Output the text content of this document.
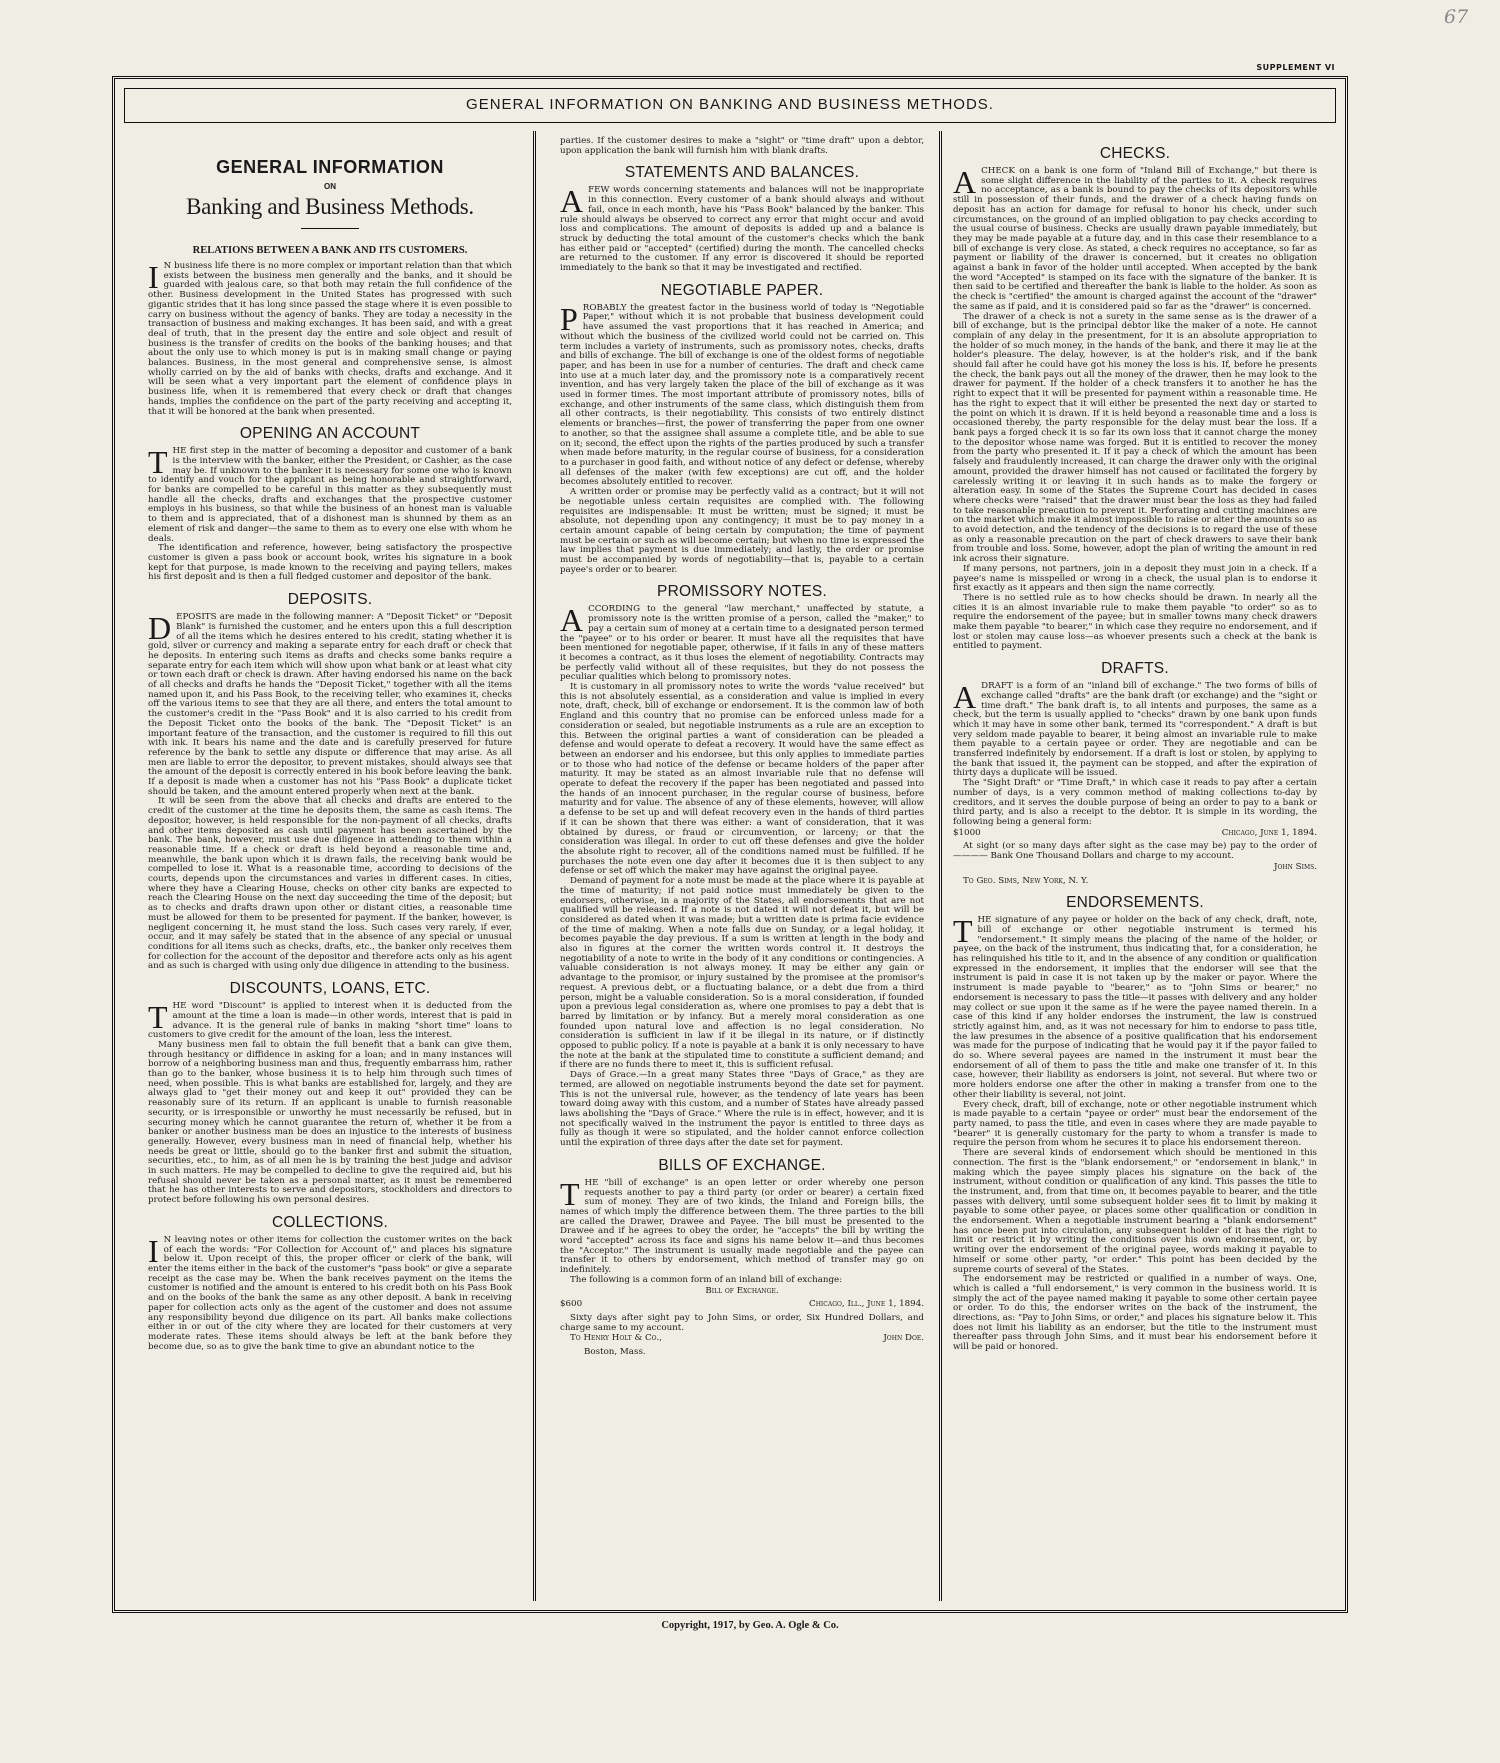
67
SUPPLEMENT VI
GENERAL INFORMATION ON BANKING AND BUSINESS METHODS.
GENERAL INFORMATION
ON
Banking and Business Methods.
RELATIONS BETWEEN A BANK AND ITS CUSTOMERS.

I N business life there is no more complex or important relation than that which exists between the business men generally and the banks, and it should be guarded with jealous care, so that both may retain the full confidence of the other. Business development in the United States has progressed with such gigantic strides that it has long since passed the stage where it is even possible to carry on business without the agency of banks. They are today a necessity in the transaction of business and making exchanges. It has been said, and with a great deal of truth, that in the present day the entire and sole object and result of business is the transfer of credits on the books of the banking houses; and that about the only use to which money is put is in making small change or paying balances. Business, in the most general and comprehensive sense, is almost wholly carried on by the aid of banks with checks, drafts and exchange. And it will be seen what a very important part the element of confidence plays in business life, when it is remembered that every check or draft that changes hands, implies the confidence on the part of the party receiving and accepting it, that it will be honored at the bank when presented.

OPENING AN ACCOUNT

THE first step in the matter of becoming a depositor and customer of a bank is the interview with the banker, either the President, or Cashier, as the case may be. If unknown to the banker it is necessary for some one who is known to identify and vouch for the applicant as being honorable and straightforward, for banks are compelled to be careful in this matter as they subsequently must handle all the checks, drafts and exchanges that the prospective customer employs in his business, so that while the business of an honest man is valuable to them and is appreciated, that of a dishonest man is shunned by them as an element of risk and danger—the same to them as to every one else with whom he deals.

The identification and reference, however, being satisfactory the prospective customer is given a pass book or account book, writes his signature in a book kept for that purpose, is made known to the receiving and paying tellers, makes his first deposit and is then a full fledged customer and depositor of the bank.

DEPOSITS.

DEPOSITS are made in the following manner: A "Deposit Ticket" or "Deposit Blank" is furnished the customer, and he enters upon this a full description of all the items which he desires entered to his credit, stating whether it is gold, silver or currency and making a separate entry for each draft or check that he deposits. In entering such items as drafts and checks some banks require a separate entry for each item which will show upon what bank or at least what city or town each draft or check is drawn. After having endorsed his name on the back of all checks and drafts he hands the "Deposit Ticket," together with all the items named upon it, and his Pass Book, to the receiving teller, who examines it, checks off the various items to see that they are all there, and enters the total amount to the customer's credit in the "Pass Book" and it is also carried to his credit from the Deposit Ticket onto the books of the bank. The "Deposit Ticket" is an important feature of the transaction, and the customer is required to fill this out with ink. It bears his name and the date and is carefully preserved for future reference by the bank to settle any dispute or difference that may arise. As all men are liable to error the depositor, to prevent mistakes, should always see that the amount of the deposit is correctly entered in his book before leaving the bank. If a deposit is made when a customer has not his "Pass Book" a duplicate ticket should be taken, and the amount entered properly when next at the bank.

It will be seen from the above that all checks and drafts are entered to the credit of the customer at the time he deposits them, the same as cash items. The depositor, however, is held responsible for the non-payment of all checks, drafts and other items deposited as cash until payment has been ascertained by the bank. The bank, however, must use due diligence in attending to them within a reasonable time. If a check or draft is held beyond a reasonable time and, meanwhile, the bank upon which it is drawn fails, the receiving bank would be compelled to lose it. What is a reasonable time, according to decisions of the courts, depends upon the circumstances and varies in different cases. In cities, where they have a Clearing House, checks on other city banks are expected to reach the Clearing House on the next day succeeding the time of the deposit; but as to checks and drafts drawn upon other or distant cities, a reasonable time must be allowed for them to be presented for payment. If the banker, however, is negligent concerning it, he must stand the loss. Such cases very rarely, if ever, occur, and it may safely be stated that in the absence of any special or unusual conditions for all items such as checks, drafts, etc., the banker only receives them for collection for the account of the depositor and therefore acts only as his agent and as such is charged with using only due diligence in attending to the business.

DISCOUNTS, LOANS, ETC.

THE word "Discount" is applied to interest when it is deducted from the amount at the time a loan is made—in other words, interest that is paid in advance. It is the general rule of banks in making "short time" loans to customers to give credit for the amount of the loan, less the interest.

Many business men fail to obtain the full benefit that a bank can give them, through hesitancy or diffidence in asking for a loan; and in many instances will borrow of a neighboring business man and thus, frequently embarrass him, rather than go to the banker, whose business it is to help him through such times of need, when possible. This is what banks are established for, largely, and they are always glad to "get their money out and keep it out" provided they can be reasonably sure of its return. If an applicant is unable to furnish reasonable security, or is irresponsible or unworthy he must necessarily be refused, but in securing money which he cannot guarantee the return of, whether it be from a banker or another business man be does an injustice to the interests of business generally. However, every business man in need of financial help, whether his needs be great or little, should go to the banker first and submit the situation, securities, etc., to him, as of all men he is by training the best judge and advisor in such matters. He may be compelled to decline to give the required aid, but his refusal should never be taken as a personal matter, as it must be remembered that he has other interests to serve and depositors, stockholders and directors to protect before following his own personal desires.

COLLECTIONS.

I N leaving notes or other items for collection the customer writes on the back of each the words: "For Collection for Account of," and places his signature below it. Upon receipt of this, the proper officer or clerk of the bank, will enter the items either in the back of the customer's "pass book" or give a separate receipt as the case may be. When the bank receives payment on the items the customer is notified and the amount is entered to his credit both on his Pass Book and on the books of the bank the same as any other deposit. A bank in receiving paper for collection acts only as the agent of the customer and does not assume any responsibility beyond due diligence on its part. All banks make collections either in or out of the city where they are located for their customers at very moderate rates. These items should always be left at the bank before they become due, so as to give the bank time to give an abundant notice to the

parties. If the customer desires to make a "sight" or "time draft" upon a debtor, upon application the bank will furnish him with blank drafts.

STATEMENTS AND BALANCES.

AFEW words concerning statements and balances will not be inappropriate in this connection. Every customer of a bank should always and without fail, once in each month, have his "Pass Book" balanced by the banker. This rule should always be observed to correct any error that might occur and avoid loss and complications. The amount of deposits is added up and a balance is struck by deducting the total amount of the customer's checks which the bank has either paid or "accepted" (certified) during the month. The cancelled checks are returned to the customer. If any error is discovered it should be reported immediately to the bank so that it may be investigated and rectified.

NEGOTIABLE PAPER.

PROBABLY the greatest factor in the business world of today is "Negotiable Paper," without which it is not probable that business development could have assumed the vast proportions that it has reached in America; and without which the business of the civilized world could not be carried on. This term includes a variety of instruments, such as promissory notes, checks, drafts and bills of exchange. The bill of exchange is one of the oldest forms of negotiable paper, and has been in use for a number of centuries. The draft and check came into use at a much later day, and the promissory note is a comparatively recent invention, and has very largely taken the place of the bill of exchange as it was used in former times. The most important attribute of promissory notes, bills of exchange, and other instruments of the same class, which distinguish them from all other contracts, is their negotiability. This consists of two entirely distinct elements or branches—first, the power of transferring the paper from one owner to another, so that the assignee shall assume a complete title, and be able to sue on it; second, the effect upon the rights of the parties produced by such a transfer when made before maturity, in the regular course of business, for a consideration to a purchaser in good faith, and without notice of any defect or defense, whereby all defenses of the maker (with few exceptions) are cut off, and the holder becomes absolutely entitled to recover.

A written order or promise may be perfectly valid as a contract; but it will not be negotiable unless certain requisites are complied with. The following requisites are indispensable: It must be written; must be signed; it must be absolute, not depending upon any contingency; it must be to pay money in a certain amount capable of being certain by computation; the time of payment must be certain or such as will become certain; but when no time is expressed the law implies that payment is due immediately; and lastly, the order or promise must be accompanied by words of negotiability—that is, payable to a certain payee's order or to bearer.

PROMISSORY NOTES.

ACCORDING to the general "law merchant," unaffected by statute, a promissory note is the written promise of a person, called the "maker," to pay a certain sum of money at a certain time to a designated person termed the "payee" or to his order or bearer. It must have all the requisites that have been mentioned for negotiable paper, otherwise, if it fails in any of these matters it becomes a contract, as it thus loses the element of negotiability. Contracts may be perfectly valid without all of these requisites, but they do not possess the peculiar qualities which belong to promissory notes.

It is customary in all promissory notes to write the words "value received" but this is not absolutely essential, as a consideration and value is implied in every note, draft, check, bill of exchange or endorsement. It is the common law of both England and this country that no promise can be enforced unless made for a consideration or sealed, but negotiable instruments as a rule are an exception to this. Between the original parties a want of consideration can be pleaded a defense and would operate to defeat a recovery. It would have the same effect as between an endorser and his endorsee, but this only applies to immediate parties or to those who had notice of the defense or became holders of the paper after maturity. It may be stated as an almost invariable rule that no defense will operate to defeat the recovery if the paper has been negotiated and passed into the hands of an innocent purchaser, in the regular course of business, before maturity and for value. The absence of any of these elements, however, will allow a defense to be set up and will defeat recovery even in the hands of third parties if it can be shown that there was either: a want of consideration, that it was obtained by duress, or fraud or circumvention, or larceny; or that the consideration was illegal. In order to cut off these defenses and give the holder the absolute right to recover, all of the conditions named must be fulfilled. If he purchases the note even one day after it becomes due it is then subject to any defense or set off which the maker may have against the original payee.

Demand of payment for a note must be made at the place where it is payable at the time of maturity; if not paid notice must immediately be given to the endorsers, otherwise, in a majority of the States, all endorsements that are not qualified will be released. If a note is not dated it will not defeat it, but will be considered as dated when it was made; but a written date is prima facie evidence of the time of making. When a note falls due on Sunday, or a legal holiday, it becomes payable the day previous. If a sum is written at length in the body and also in figures at the corner the written words control it. It destroys the negotiability of a note to write in the body of it any conditions or contingencies. A valuable consideration is not always money. It may be either any gain or advantage to the promisor, or injury sustained by the promisee at the promisor's request. A previous debt, or a fluctuating balance, or a debt due from a third person, might be a valuable consideration. So is a moral consideration, if founded upon a previous legal consideration as, where one promises to pay a debt that is barred by limitation or by infancy. But a merely moral consideration as one founded upon natural love and affection is no legal consideration. No consideration is sufficient in law if it be illegal in its nature, or if distinctly opposed to public policy. If a note is payable at a bank it is only necessary to have the note at the bank at the stipulated time to constitute a sufficient demand; and if there are no funds there to meet it, this is sufficient refusal.

Days of Grace.—In a great many States three "Days of Grace," as they are termed, are allowed on negotiable instruments beyond the date set for payment. This is not the universal rule, however, as the tendency of late years has been toward doing away with this custom, and a number of States have already passed laws abolishing the "Days of Grace." Where the rule is in effect, however, and it is not specifically waived in the instrument the payor is entitled to three days as fully as though it were so stipulated, and the holder cannot enforce collection until the expiration of three days after the date set for payment.

BILLS OF EXCHANGE.

THE "bill of exchange" is an open letter or order whereby one person requests another to pay a third party (or order or bearer) a certain fixed sum of money. They are of two kinds, the Inland and Foreign bills, the names of which imply the difference between them. The three parties to the bill are called the Drawer, Drawee and Payee. The bill must be presented to the Drawee and if he agrees to obey the order, he "accepts" the bill by writing the word "accepted" across its face and signs his name below it—and thus becomes the "Acceptor." The instrument is usually made negotiable and the payee can transfer it to others by endorsement, which method of transfer may go on indefinitely.

The following is a common form of an inland bill of exchange:

Bill of Exchange.
$600	Chicago, Ill., June 1, 1894.

Sixty days after sight pay to John Sims, or order, Six Hundred Dollars, and charge same to my account.

To Henry Holt & Co.,	John Doe.
Boston, Mass.
CHECKS.

ACHECK on a bank is one form of "Inland Bill of Exchange," but there is some slight difference in the liability of the parties to it. A check requires no acceptance, as a bank is bound to pay the checks of its depositors while still in possession of their funds, and the drawer of a check having funds on deposit has an action for damage for refusal to honor his check, under such circumstances, on the ground of an implied obligation to pay checks according to the usual course of business. Checks are usually drawn payable immediately, but they may be made payable at a future day, and in this case their resemblance to a bill of exchange is very close. As stated, a check requires no acceptance, so far as payment or liability of the drawer is concerned, but it creates no obligation against a bank in favor of the holder until accepted. When accepted by the bank the word "Accepted" is stamped on its face with the signature of the banker. It is then said to be certified and thereafter the bank is liable to the holder. As soon as the check is "certified" the amount is charged against the account of the "drawer" the same as if paid, and it is considered paid so far as the "drawer" is concerned.

The drawer of a check is not a surety in the same sense as is the drawer of a bill of exchange, but is the principal debtor like the maker of a note. He cannot complain of any delay in the presentment, for it is an absolute appropriation to the holder of so much money, in the hands of the bank, and there it may lie at the holder's pleasure. The delay, however, is at the holder's risk, and if the bank should fail after he could have got his money the loss is his. If, before he presents the check, the bank pays out all the money of the drawer, then he may look to the drawer for payment. If the holder of a check transfers it to another he has the right to expect that it will be presented for payment within a reasonable time. He has the right to expect that it will either be presented the next day or started to the point on which it is drawn. If it is held beyond a reasonable time and a loss is occasioned thereby, the party responsible for the delay must bear the loss. If a bank pays a forged check it is so far its own loss that it cannot charge the money to the depositor whose name was forged. But it is entitled to recover the money from the party who presented it. If it pay a check of which the amount has been falsely and fraudulently increased, it can charge the drawer only with the original amount, provided the drawer himself has not caused or facilitated the forgery by carelessly writing it or leaving it in such hands as to make the forgery or alteration easy. In some of the States the Supreme Court has decided in cases where checks were "raised" that the drawer must bear the loss as they had failed to take reasonable precaution to prevent it. Perforating and cutting machines are on the market which make it almost impossible to raise or alter the amounts so as to avoid detection, and the tendency of the decisions is to regard the use of these as only a reasonable precaution on the part of check drawers to save their bank from trouble and loss. Some, however, adopt the plan of writing the amount in red ink across their signature.

If many persons, not partners, join in a deposit they must join in a check. If a payee's name is misspelled or wrong in a check, the usual plan is to endorse it first exactly as it appears and then sign the name correctly.

There is no settled rule as to how checks should be drawn. In nearly all the cities it is an almost invariable rule to make them payable "to order" so as to require the endorsement of the payee; but in smaller towns many check drawers make them payable "to bearer," in which case they require no endorsement, and if lost or stolen may cause loss—as whoever presents such a check at the bank is entitled to payment.

DRAFTS.

ADRAFT is a form of an "inland bill of exchange." The two forms of bills of exchange called "drafts" are the bank draft (or exchange) and the "sight or time draft." The bank draft is, to all intents and purposes, the same as a check, but the term is usually applied to "checks" drawn by one bank upon funds which it may have in some other bank, termed its "correspondent." A draft is but very seldom made payable to bearer, it being almost an invariable rule to make them payable to a certain payee or order. They are negotiable and can be transferred indefinitely by endorsement. If a draft is lost or stolen, by applying to the bank that issued it, the payment can be stopped, and after the expiration of thirty days a duplicate will be issued.

The "Sight Draft" or "Time Draft," in which case it reads to pay after a certain number of days, is a very common method of making collections to-day by creditors, and it serves the double purpose of being an order to pay to a bank or third party, and is also a receipt to the debtor. It is simple in its wording, the following being a general form:

$1000	Chicago, June 1, 1894.

At sight (or so many days after sight as the case may be) pay to the order of ———— Bank One Thousand Dollars and charge to my account.

John Sims.
To Geo. Sims, New York, N. Y.
ENDORSEMENTS.

THE signature of any payee or holder on the back of any check, draft, note, bill of exchange or other negotiable instrument is termed his "endorsement." It simply means the placing of the name of the holder, or payee, on the back of the instrument, thus indicating that, for a consideration, he has relinquished his title to it, and in the absence of any condition or qualification expressed in the endorsement, it implies that the endorser will see that the instrument is paid in case it is not taken up by the maker or payor. Where the instrument is made payable to "bearer," as to "John Sims or bearer," no endorsement is necessary to pass the title—it passes with delivery and any holder may collect or sue upon it the same as if he were the payee named therein. In a case of this kind if any holder endorses the instrument, the law is construed strictly against him, and, as it was not necessary for him to endorse to pass title, the law presumes in the absence of a positive qualification that his endorsement was made for the purpose of indicating that he would pay it if the payor failed to do so. Where several payees are named in the instrument it must bear the endorsement of all of them to pass the title and make one transfer of it. In this case, however, their liability as endorsers is joint, not several. But where two or more holders endorse one after the other in making a transfer from one to the other their liability is several, not joint.

Every check, draft, bill of exchange, note or other negotiable instrument which is made payable to a certain "payee or order" must bear the endorsement of the party named, to pass the title, and even in cases where they are made payable to "bearer" it is generally customary for the party to whom a transfer is made to require the person from whom he secures it to place his endorsement thereon.

There are several kinds of endorsement which should be mentioned in this connection. The first is the "blank endorsement," or "endorsement in blank," in making which the payee simply places his signature on the back of the instrument, without condition or qualification of any kind. This passes the title to the instrument, and, from that time on, it becomes payable to bearer, and the title passes with delivery, until some subsequent holder sees fit to limit by making it payable to some other payee, or places some other qualification or condition in the endorsement. When a negotiable instrument bearing a "blank endorsement" has once been put into circulation, any subsequent holder of it has the right to limit or restrict it by writing the conditions over his own endorsement, or, by writing over the endorsement of the original payee, words making it payable to himself or some other party, "or order." This point has been decided by the supreme courts of several of the States.

The endorsement may be restricted or qualified in a number of ways. One, which is called a "full endorsement," is very common in the business world. It is simply the act of the payee named making it payable to some other certain payee or order. To do this, the endorser writes on the back of the instrument, the directions, as: "Pay to John Sims, or order," and places his signature below it. This does not limit his liability as an endorser, but the title to the instrument must thereafter pass through John Sims, and it must bear his endorsement before it will be paid or honored.

Copyright, 1917, by Geo. A. Ogle & Co.
